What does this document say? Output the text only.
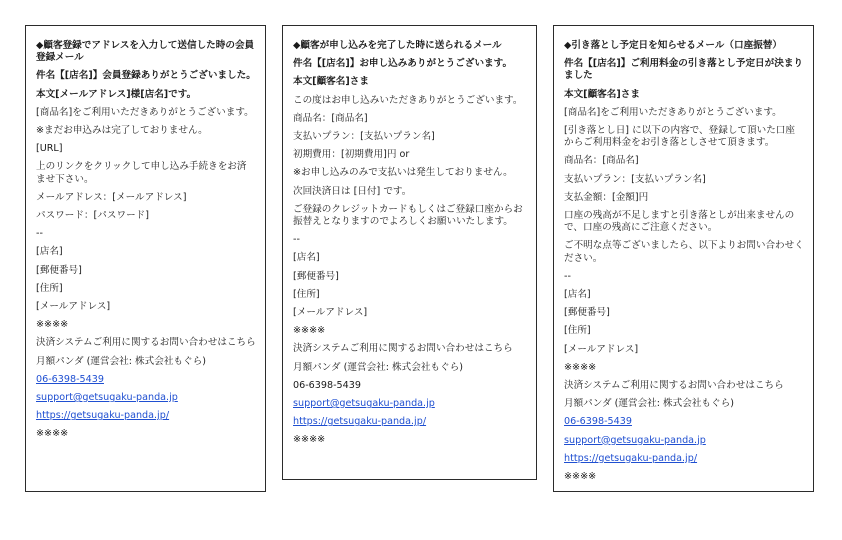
◆顧客登録でアドレスを入力して送信した時の会員登録メール
件名【[店名]】会員登録ありがとうございました。
本文[メールアドレス]様[店名]です。
[商品名]をご利用いただきありがとうございます。
※まだお申込みは完了しておりません。
[URL]
上のリンクをクリックして申し込み手続きをお済ませ下さい。
メールアドレス：[メールアドレス]
パスワード：[パスワード]
--
[店名]
[郵便番号]
[住所]
[メールアドレス]
※※※※
決済システムご利用に関するお問い合わせはこちら
月額パンダ (運営会社: 株式会社もぐら)
06-6398-5439
support@getsugaku-panda.jp
https://getsugaku-panda.jp/
※※※※
◆顧客が申し込みを完了した時に送られるメール
件名【[店名]】お申し込みありがとうございます。
本文[顧客名]さま
この度はお申し込みいただきありがとうございます。
商品名：[商品名]
支払いプラン：[支払いプラン名]
初期費用：[初期費用]円 or
※お申し込みのみで支払いは発生しておりません。
次回決済日は [日付] です。
ご登録のクレジットカードもしくはご登録口座からお振替えとなりますのでよろしくお願いいたします。
--
[店名]
[郵便番号]
[住所]
[メールアドレス]
※※※※
決済システムご利用に関するお問い合わせはこちら
月額パンダ (運営会社: 株式会社もぐら)
06-6398-5439
support@getsugaku-panda.jp
https://getsugaku-panda.jp/
※※※※
◆引き落とし予定日を知らせるメール（口座振替）
件名【[店名]】ご利用料金の引き落とし予定日が決まりました
本文[顧客名]さま
[商品名]をご利用いただきありがとうございます。
[引き落とし日] に以下の内容で、登録して頂いた口座からご利用料金をお引き落としさせて頂きます。
商品名：[商品名]
支払いプラン：[支払いプラン名]
支払金額：[金額]円
口座の残高が不足しますと引き落としが出来ませんので、口座の残高にご注意ください。
ご不明な点等ございましたら、以下よりお問い合わせください。
--
[店名]
[郵便番号]
[住所]
[メールアドレス]
※※※※
決済システムご利用に関するお問い合わせはこちら
月額パンダ (運営会社: 株式会社もぐら)
06-6398-5439
support@getsugaku-panda.jp
https://getsugaku-panda.jp/
※※※※
